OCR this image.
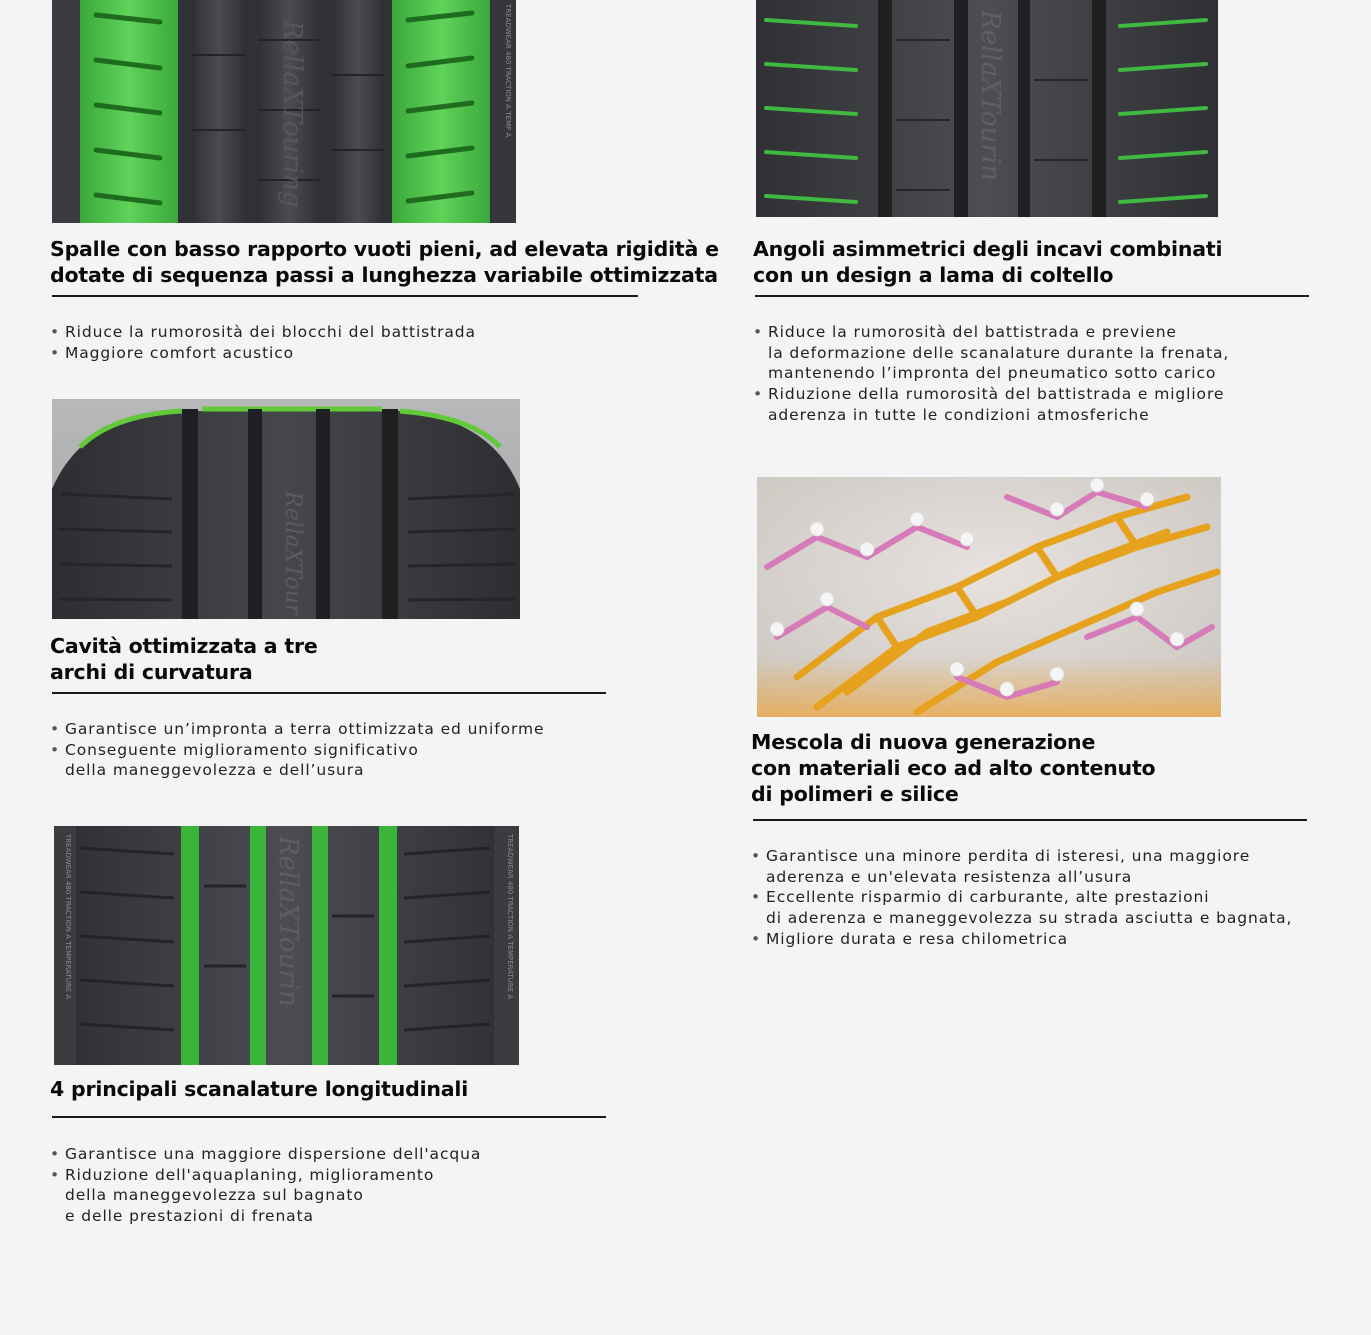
RellaXTouring	TREADWEAR 480 TRACTION A TEMP A
Spalle con basso rapporto vuoti pieni, ad elevata rigidità e
dotate di sequenza passi a lunghezza variabile ottimizzata
• Riduce la rumorosità dei blocchi del battistrada
• Maggiore comfort acustico
RellaXTour
Cavità ottimizzata a tre
archi di curvatura
• Garantisce un’impronta a terra ottimizzata ed uniforme
• Conseguente miglioramento significativo
della maneggevolezza e dell’usura
RellaXTourin
TREADWEAR 480 TRACTION A TEMPERATURE A	TREADWEAR 480 TRACTION A TEMPERATURE A
4 principali scanalature longitudinali
• Garantisce una maggiore dispersione dell'acqua
• Riduzione dell'aquaplaning, miglioramento
della maneggevolezza sul bagnato
e delle prestazioni di frenata
RellaXTourin
Angoli asimmetrici degli incavi combinati
con un design a lama di coltello
• Riduce la rumorosità del battistrada e previene
la deformazione delle scanalature durante la frenata,
mantenendo l’impronta del pneumatico sotto carico
• Riduzione della rumorosità del battistrada e migliore
aderenza in tutte le condizioni atmosferiche
Mescola di nuova generazione
con materiali eco ad alto contenuto
di polimeri e silice
• Garantisce una minore perdita di isteresi, una maggiore
aderenza e un'elevata resistenza all’usura
• Eccellente risparmio di carburante, alte prestazioni
di aderenza e maneggevolezza su strada asciutta e bagnata,
• Migliore durata e resa chilometrica
